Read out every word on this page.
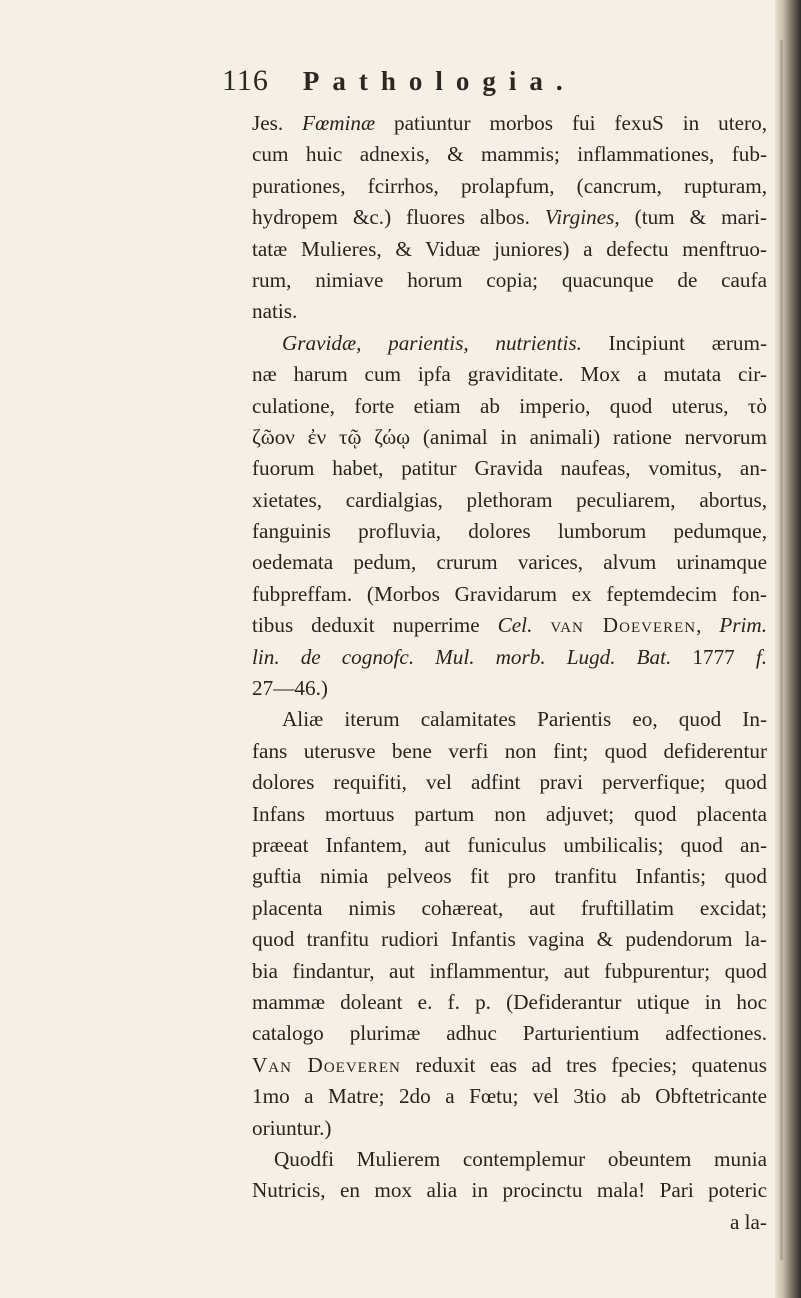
116 Pathologia.
Jes. Fœminæ patiuntur morbos fui fexuS in utero,
cum huic adnexis, & mammis; inflammationes, fub-
purationes, fcirrhos, prolapfum, (cancrum, rupturam,
hydropem &c.) fluores albos. Virgines, (tum & mari-
tatæ Mulieres, & Viduæ juniores) a defectu menftruo-
rum, nimiave horum copia; quacunque de caufa
natis.
Gravidæ, parientis, nutrientis. Incipiunt ærum-
næ harum cum ipfa graviditate. Mox a mutata cir-
culatione, forte etiam ab imperio, quod uterus, τὸ
ζῶον ἐν τῷ ζώῳ (animal in animali) ratione nervorum
fuorum habet, patitur Gravida naufeas, vomitus, an-
xietates, cardialgias, plethoram peculiarem, abortus,
fanguinis profluvia, dolores lumborum pedumque,
oedemata pedum, crurum varices, alvum urinamque
fubpreffam. (Morbos Gravidarum ex feptemdecim fon-
tibus deduxit nuperrime Cel. van Doeveren, Prim.
lin. de cognofc. Mul. morb. Lugd. Bat. 1777 f.
27—46.)
Aliæ iterum calamitates Parientis eo, quod In-
fans uterusve bene verfi non fint; quod defiderentur
dolores requifiti, vel adfint pravi perverfique; quod
Infans mortuus partum non adjuvet; quod placenta
præeat Infantem, aut funiculus umbilicalis; quod an-
guftia nimia pelveos fit pro tranfitu Infantis; quod
placenta nimis cohæreat, aut fruftillatim excidat;
quod tranfitu rudiori Infantis vagina & pudendorum la-
bia findantur, aut inflammentur, aut fubpurentur; quod
mammæ doleant e. f. p. (Defiderantur utique in hoc
catalogo plurimæ adhuc Parturientium adfectiones.
Van Doeveren reduxit eas ad tres fpecies; quatenus
1mo a Matre; 2do a Fœtu; vel 3tio ab Obftetricante
oriuntur.)
Quodfi Mulierem contemplemur obeuntem munia
Nutricis, en mox alia in procinctu mala! Pari poteric
a la-
